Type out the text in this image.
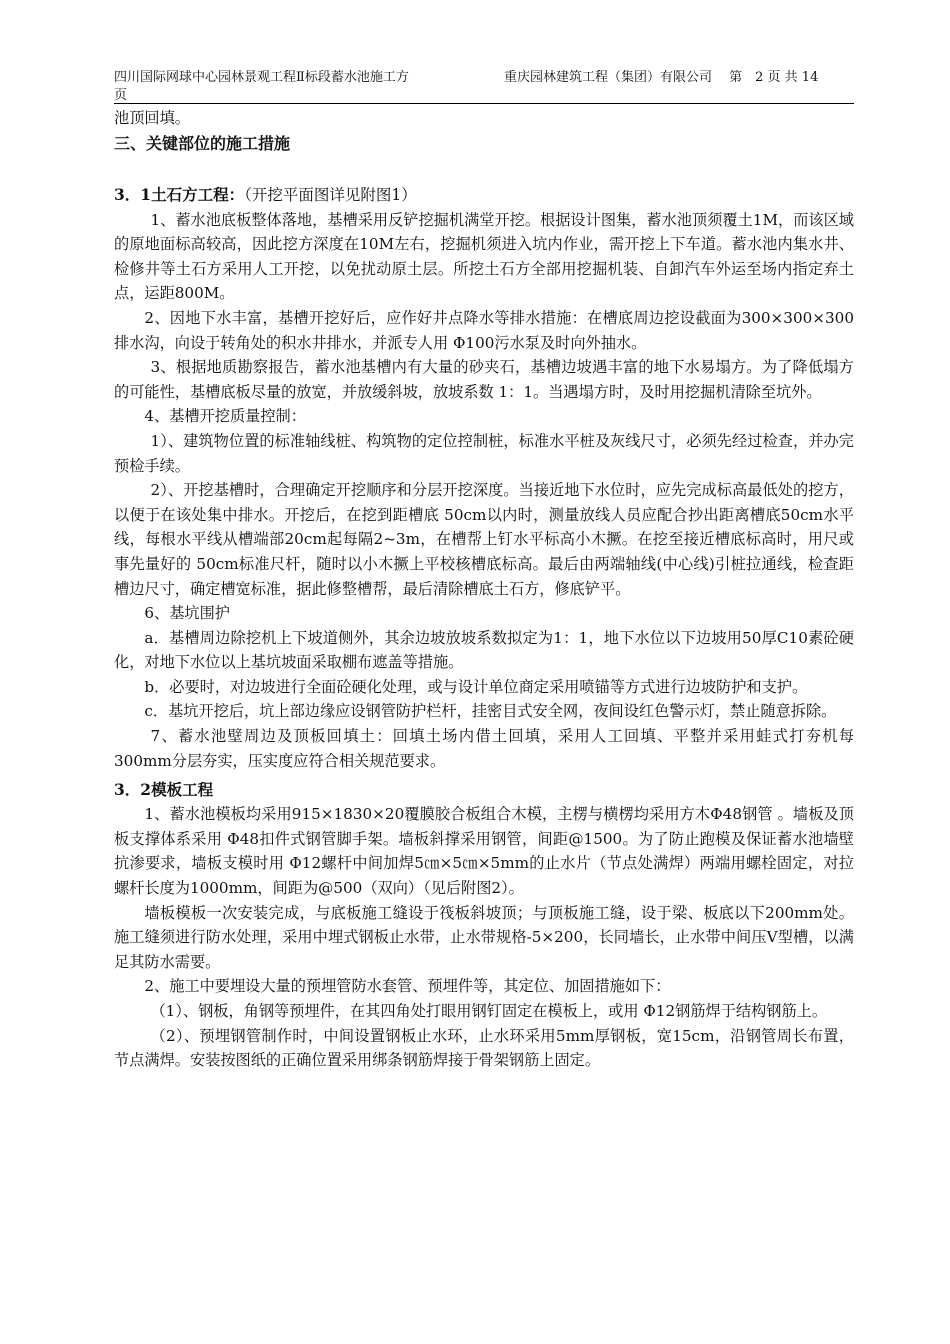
四川国际网球中心园林景观工程Ⅱ标段蓄水池施工方	重庆园林建筑工程（集团）有限公司　 第　2 页 共 14
页

池顶回填。

三、关键部位的施工措施
3．1土石方工程：（开挖平面图详见附图1）

1、蓄水池底板整体落地，基槽采用反铲挖掘机满堂开挖。根据设计图集，蓄水池顶须覆土1M，而该区域的原地面标高较高，因此挖方深度在10M左右，挖掘机须进入坑内作业，需开挖上下车道。蓄水池内集水井、检修井等土石方采用人工开挖，以免扰动原土层。所挖土石方全部用挖掘机装、自卸汽车外运至场内指定弃土点，运距800M。

2、因地下水丰富，基槽开挖好后，应作好井点降水等排水措施：在槽底周边挖设截面为300×300×300排水沟，向设于转角处的积水井排水，并派专人用 Φ100污水泵及时向外抽水。

3、根据地质勘察报告，蓄水池基槽内有大量的砂夹石，基槽边坡遇丰富的地下水易塌方。为了降低塌方的可能性，基槽底板尽量的放宽，并放缓斜坡，放坡系数 1：1。当遇塌方时，及时用挖掘机清除至坑外。

4、基槽开挖质量控制：

1）、建筑物位置的标准轴线桩、构筑物的定位控制桩，标准水平桩及灰线尺寸，必须先经过检查，并办完预检手续。

2）、开挖基槽时，合理确定开挖顺序和分层开挖深度。当接近地下水位时，应先完成标高最低处的挖方，以便于在该处集中排水。开挖后，在挖到距槽底 50cm以内时，测量放线人员应配合抄出距离槽底50cm水平线，每根水平线从槽端部20cm起每隔2~3m，在槽帮上钉水平标高小木撅。在挖至接近槽底标高时，用尺或事先量好的 50cm标准尺杆，随时以小木撅上平校核槽底标高。最后由两端轴线(中心线)引桩拉通线，检查距槽边尺寸，确定槽宽标准，据此修整槽帮，最后清除槽底土石方，修底铲平。

6、基坑围护

a．基槽周边除挖机上下坡道侧外，其余边坡放坡系数拟定为1：1，地下水位以下边坡用50厚C10素砼硬化，对地下水位以上基坑坡面采取棚布遮盖等措施。

b．必要时，对边坡进行全面砼硬化处理，或与设计单位商定采用喷锚等方式进行边坡防护和支护。

c．基坑开挖后，坑上部边缘应设钢管防护栏杆，挂密目式安全网，夜间设红色警示灯，禁止随意拆除。

7、蓄水池壁周边及顶板回填土：回填土场内借土回填，采用人工回填、平整并采用蛙式打夯机每300mm分层夯实，压实度应符合相关规范要求。

3．2模板工程

1、蓄水池模板均采用915×1830×20覆膜胶合板组合木模，主楞与横楞均采用方木Φ48钢管 。墙板及顶板支撑体系采用 Φ48扣件式钢管脚手架。墙板斜撑采用钢管，间距@1500。为了防止跑模及保证蓄水池墙壁抗渗要求，墙板支模时用 Φ12螺杆中间加焊5㎝×5㎝×5mm的止水片（节点处满焊）两端用螺栓固定，对拉螺杆长度为1000mm，间距为@500（双向）（见后附图2）。

墙板模板一次安装完成，与底板施工缝设于筏板斜坡顶；与顶板施工缝，设于梁、板底以下200mm处。施工缝须进行防水处理，采用中埋式钢板止水带，止水带规格-5×200，长同墙长，止水带中间压Ⅴ型槽，以满足其防水需要。

2、施工中要埋设大量的预埋管防水套管、预埋件等，其定位、加固措施如下：

（1）、钢板，角钢等预埋件，在其四角处打眼用钢钉固定在模板上，或用 Φ12钢筋焊于结构钢筋上。

（2）、预埋钢管制作时，中间设置钢板止水环，止水环采用5mm厚钢板，宽15cm，沿钢管周长布置，节点满焊。安装按图纸的正确位置采用绑条钢筋焊接于骨架钢筋上固定。
